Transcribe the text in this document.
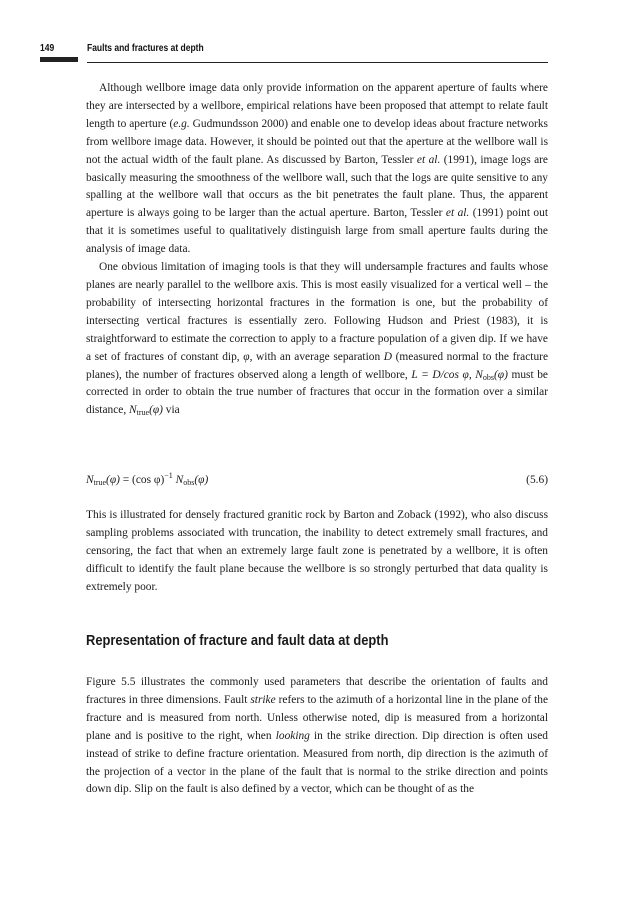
149	Faults and fractures at depth

Although wellbore image data only provide information on the apparent aperture of faults where they are intersected by a wellbore, empirical relations have been proposed that attempt to relate fault length to aperture (e.g. Gudmundsson 2000) and enable one to develop ideas about fracture networks from wellbore image data. However, it should be pointed out that the aperture at the wellbore wall is not the actual width of the fault plane. As discussed by Barton, Tessler et al. (1991), image logs are basically measuring the smoothness of the wellbore wall, such that the logs are quite sensitive to any spalling at the wellbore wall that occurs as the bit penetrates the fault plane. Thus, the apparent aperture is always going to be larger than the actual aperture. Barton, Tessler et al. (1991) point out that it is sometimes useful to qualitatively distinguish large from small aperture faults during the analysis of image data.

One obvious limitation of imaging tools is that they will undersample fractures and faults whose planes are nearly parallel to the wellbore axis. This is most easily visualized for a vertical well – the probability of intersecting horizontal fractures in the formation is one, but the probability of intersecting vertical fractures is essentially zero. Following Hudson and Priest (1983), it is straightforward to estimate the correction to apply to a fracture population of a given dip. If we have a set of fractures of constant dip, φ, with an average separation D (measured normal to the fracture planes), the number of fractures observed along a length of wellbore, L = D/cos φ, $N_{obs}(\varphi)$ must be corrected in order to obtain the true number of fractures that occur in the formation over a similar distance, $N_{true}(\varphi)$ via

$N_{true}(\varphi) = (\cos$ φ)$^{-1}$ $N_{obs}(\varphi)$	(5.6)

This is illustrated for densely fractured granitic rock by Barton and Zoback (1992), who also discuss sampling problems associated with truncation, the inability to detect extremely small fractures, and censoring, the fact that when an extremely large fault zone is penetrated by a wellbore, it is often difficult to identify the fault plane because the wellbore is so strongly perturbed that data quality is extremely poor.

Representation of fracture and fault data at depth

Figure 5.5 illustrates the commonly used parameters that describe the orientation of faults and fractures in three dimensions. Fault strike refers to the azimuth of a horizontal line in the plane of the fracture and is measured from north. Unless otherwise noted, dip is measured from a horizontal plane and is positive to the right, when looking in the strike direction. Dip direction is often used instead of strike to define fracture orientation. Measured from north, dip direction is the azimuth of the projection of a vector in the plane of the fault that is normal to the strike direction and points down dip. Slip on the fault is also defined by a vector, which can be thought of as the
